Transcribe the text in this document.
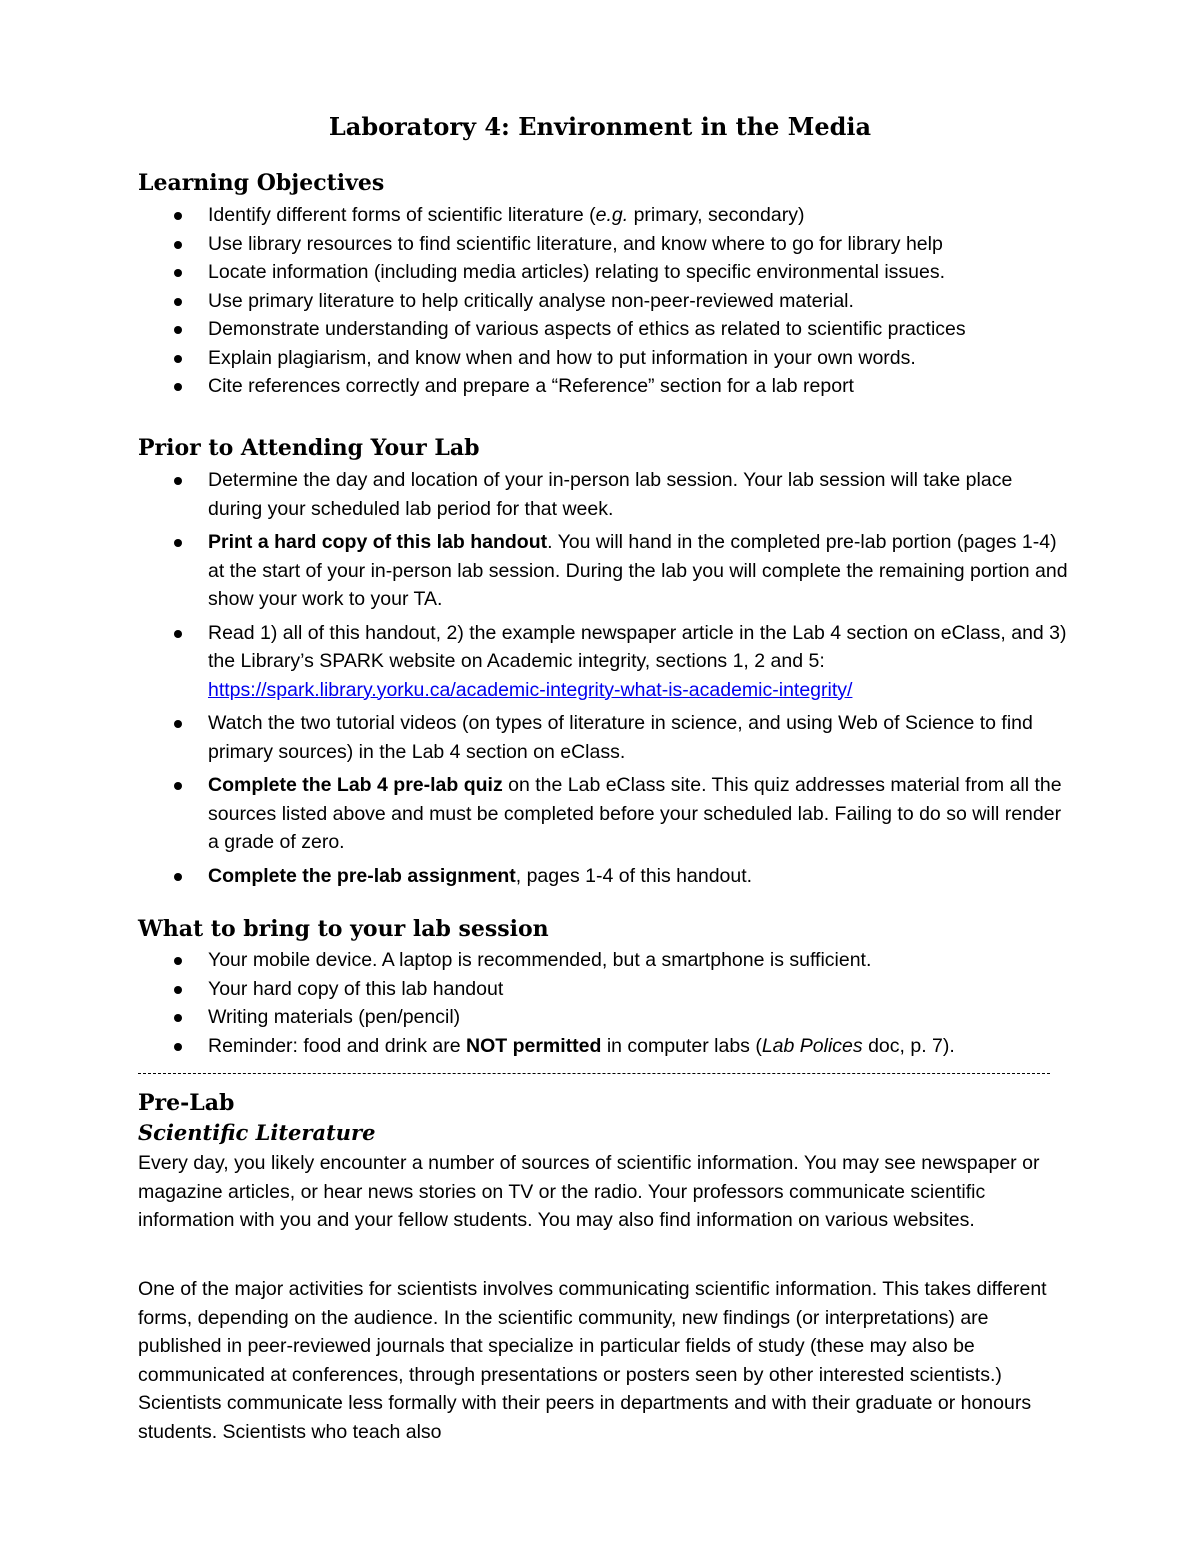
Laboratory 4: Environment in the Media
Learning Objectives
Identify different forms of scientific literature (e.g. primary, secondary)
Use library resources to find scientific literature, and know where to go for library help
Locate information (including media articles) relating to specific environmental issues.
Use primary literature to help critically analyse non-peer-reviewed material.
Demonstrate understanding of various aspects of ethics as related to scientific practices
Explain plagiarism, and know when and how to put information in your own words.
Cite references correctly and prepare a “Reference” section for a lab report
Prior to Attending Your Lab
Determine the day and location of your in-person lab session. Your lab session will take place during your scheduled lab period for that week.
Print a hard copy of this lab handout. You will hand in the completed pre-lab portion (pages 1-4) at the start of your in-person lab session. During the lab you will complete the remaining portion and show your work to your TA.
Read 1) all of this handout, 2) the example newspaper article in the Lab 4 section on eClass, and 3) the Library’s SPARK website on Academic integrity, sections 1, 2 and 5:
https://spark.library.yorku.ca/academic-integrity-what-is-academic-integrity/
Watch the two tutorial videos (on types of literature in science, and using Web of Science to find primary sources) in the Lab 4 section on eClass.
Complete the Lab 4 pre-lab quiz on the Lab eClass site. This quiz addresses material from all the sources listed above and must be completed before your scheduled lab. Failing to do so will render a grade of zero.
Complete the pre-lab assignment, pages 1-4 of this handout.
What to bring to your lab session
Your mobile device. A laptop is recommended, but a smartphone is sufficient.
Your hard copy of this lab handout
Writing materials (pen/pencil)
Reminder: food and drink are NOT permitted in computer labs (Lab Polices doc, p. 7).
Pre-Lab
Scientific Literature

Every day, you likely encounter a number of sources of scientific information. You may see newspaper or magazine articles, or hear news stories on TV or the radio. Your professors communicate scientific information with you and your fellow students. You may also find information on various websites.

One of the major activities for scientists involves communicating scientific information. This takes different forms, depending on the audience. In the scientific community, new findings (or interpretations) are published in peer-reviewed journals that specialize in particular fields of study (these may also be communicated at conferences, through presentations or posters seen by other interested scientists.) Scientists communicate less formally with their peers in departments and with their graduate or honours students. Scientists who teach also
